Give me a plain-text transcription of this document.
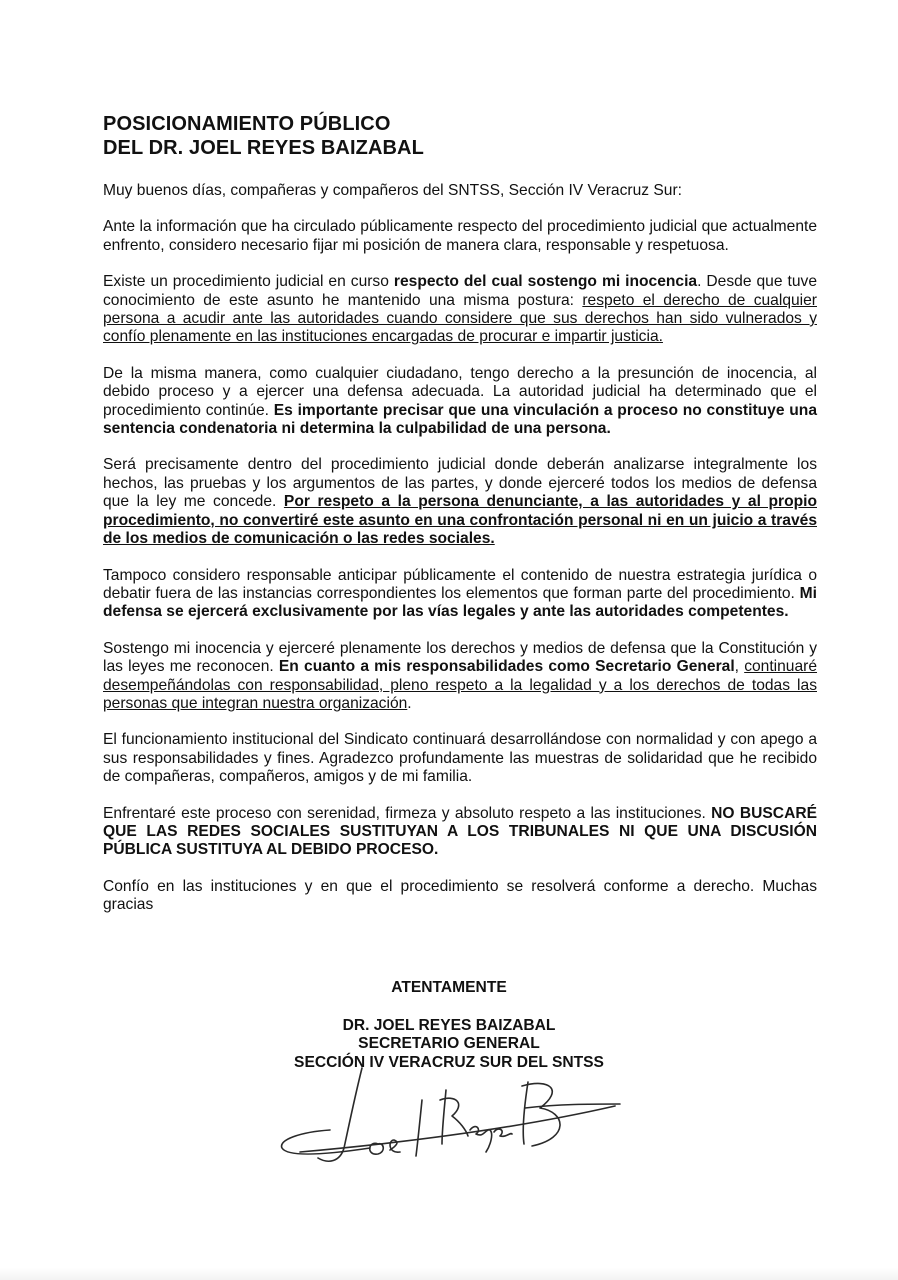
POSICIONAMIENTO PÚBLICO
DEL DR. JOEL REYES BAIZABAL

Muy buenos días, compañeras y compañeros del SNTSS, Sección IV Veracruz Sur:

Ante la información que ha circulado públicamente respecto del procedimiento judicial que actualmente enfrento, considero necesario fijar mi posición de manera clara, responsable y respetuosa.

Existe un procedimiento judicial en curso respecto del cual sostengo mi inocencia. Desde que tuve conocimiento de este asunto he mantenido una misma postura: respeto el derecho de cualquier persona a acudir ante las autoridades cuando considere que sus derechos han sido vulnerados y confío plenamente en las instituciones encargadas de procurar e impartir justicia.

De la misma manera, como cualquier ciudadano, tengo derecho a la presunción de inocencia, al debido proceso y a ejercer una defensa adecuada. La autoridad judicial ha determinado que el procedimiento continúe. Es importante precisar que una vinculación a proceso no constituye una sentencia condenatoria ni determina la culpabilidad de una persona.

Será precisamente dentro del procedimiento judicial donde deberán analizarse integralmente los hechos, las pruebas y los argumentos de las partes, y donde ejerceré todos los medios de defensa que la ley me concede. Por respeto a la persona denunciante, a las autoridades y al propio procedimiento, no convertiré este asunto en una confrontación personal ni en un juicio a través de los medios de comunicación o las redes sociales.

Tampoco considero responsable anticipar públicamente el contenido de nuestra estrategia jurídica o debatir fuera de las instancias correspondientes los elementos que forman parte del procedimiento. Mi defensa se ejercerá exclusivamente por las vías legales y ante las autoridades competentes.

Sostengo mi inocencia y ejerceré plenamente los derechos y medios de defensa que la Constitución y las leyes me reconocen. En cuanto a mis responsabilidades como Secretario General, continuaré desempeñándolas con responsabilidad, pleno respeto a la legalidad y a los derechos de todas las personas que integran nuestra organización.

El funcionamiento institucional del Sindicato continuará desarrollándose con normalidad y con apego a sus responsabilidades y fines. Agradezco profundamente las muestras de solidaridad que he recibido de compañeras, compañeros, amigos y de mi familia.

Enfrentaré este proceso con serenidad, firmeza y absoluto respeto a las instituciones. NO BUSCARÉ QUE LAS REDES SOCIALES SUSTITUYAN A LOS TRIBUNALES NI QUE UNA DISCUSIÓN PÚBLICA SUSTITUYA AL DEBIDO PROCESO.

Confío en las instituciones y en que el procedimiento se resolverá conforme a derecho. Muchas gracias

ATENTAMENTE
DR. JOEL REYES BAIZABAL
SECRETARIO GENERAL
SECCIÓN IV VERACRUZ SUR DEL SNTSS
